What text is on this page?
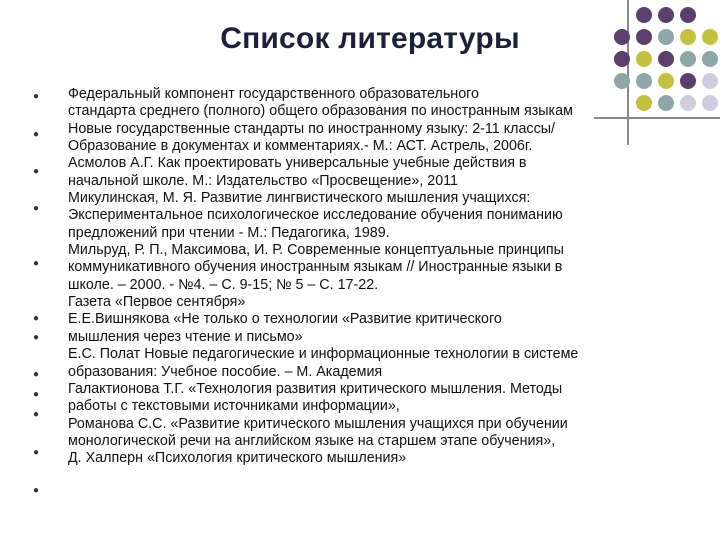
Список литературы
●
●
●
●
●
●
●
●
●
●
●
●
Федеральный компонент государственного образовательного
стандарта среднего (полного) общего образования по иностранным языкам
Новые государственные стандарты по иностранному языку: 2-11 классы/
Образование в документах и комментариях.- М.: АСТ. Астрель, 2006г.
Асмолов А.Г. Как проектировать универсальные учебные действия в
начальной школе. М.: Издательство «Просвещение», 2011
Микулинская, М. Я. Развитие лингвистического мышления учащихся:
Экспериментальное психологическое исследование обучения пониманию
предложений при чтении - М.: Педагогика, 1989.
Мильруд, Р. П., Максимова, И. Р. Современные концептуальные принципы
коммуникативного обучения иностранным языкам // Иностранные языки в
школе. – 2000. - №4. – С. 9-15; № 5 – С. 17-22.
Газета «Первое сентября»
Е.Е.Вишнякова «Не только о технологии «Развитие критического
мышления через чтение и письмо»
Е.С. Полат Новые педагогические и информационные технологии в системе
образования: Учебное пособие. – М. Академия
Галактионова Т.Г. «Технология развития критического мышления. Методы
работы с текстовыми источниками информации»,
Романова С.С. «Развитие критического мышления учащихся при обучении
монологической речи на английском языке на старшем этапе обучения»,
Д. Халперн «Психология критического мышления»
